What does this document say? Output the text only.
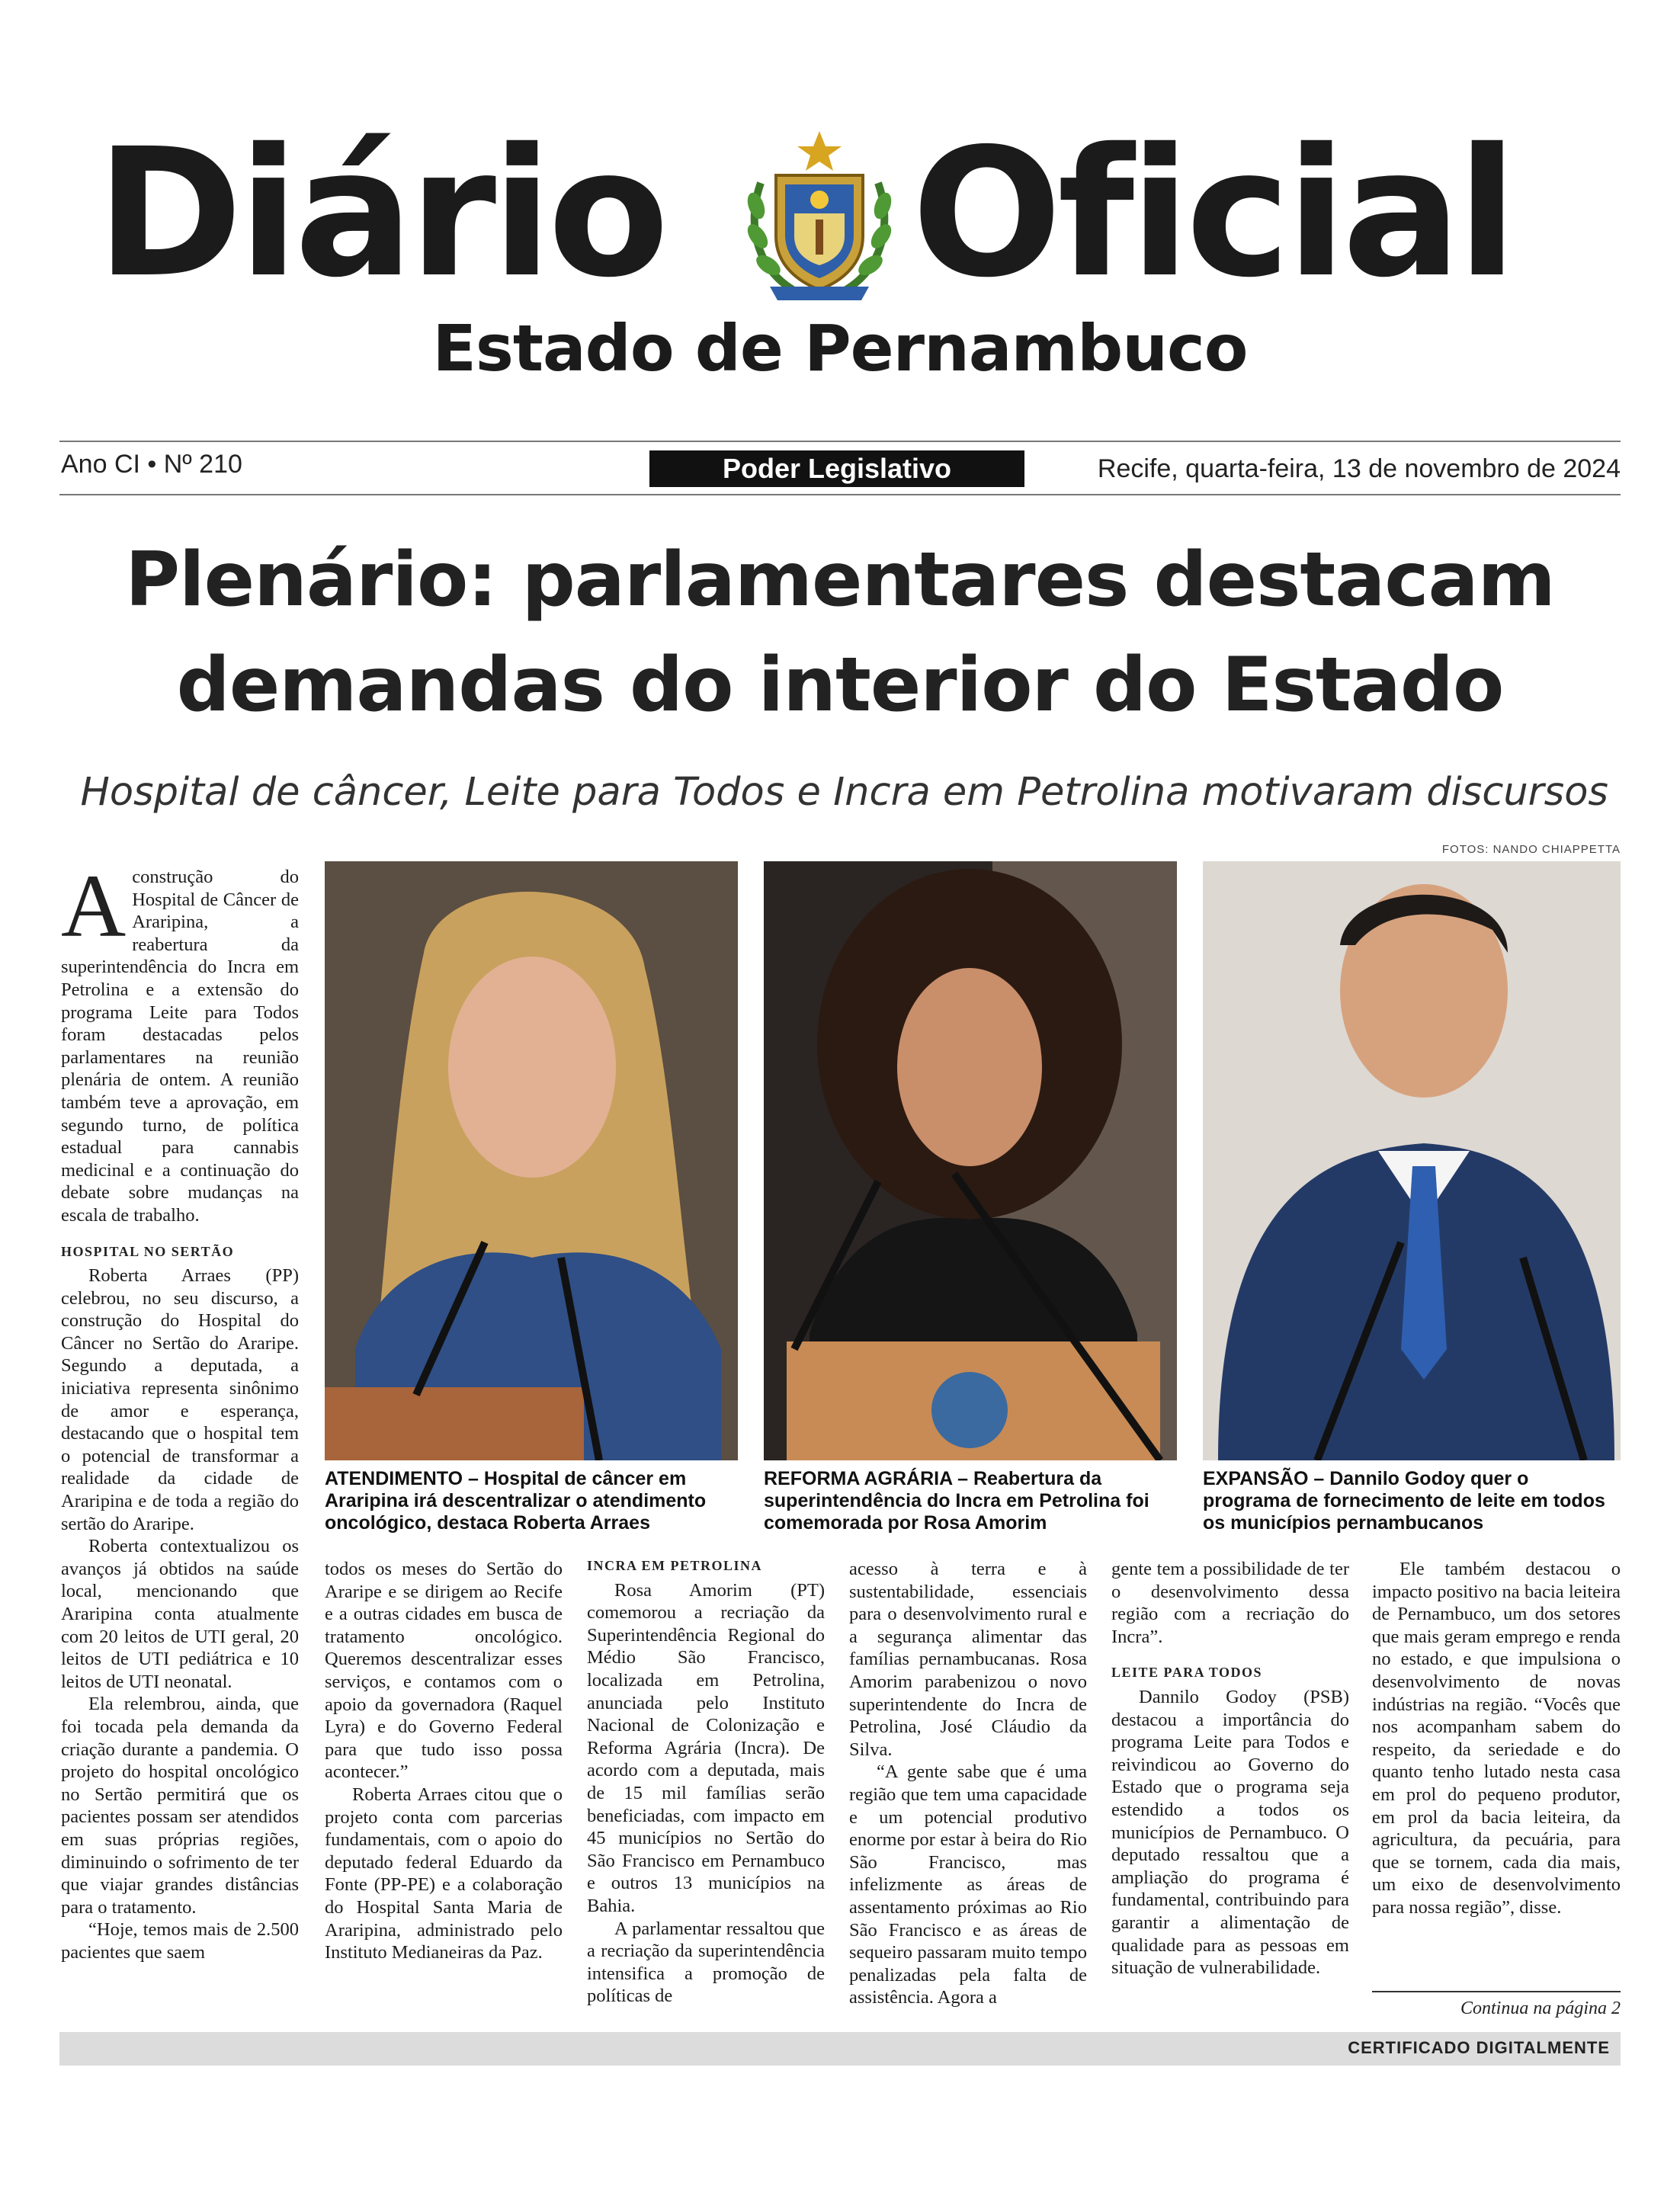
Diário Oficial
Estado de Pernambuco
Ano CI • Nº 210	Poder Legislativo	Recife, quarta-feira, 13 de novembro de 2024
Plenário: parlamentares destacam
demandas do interior do Estado
Hospital de câncer, Leite para Todos e Incra em Petrolina motivaram discursos
FOTOS: NANDO CHIAPPETTA

Aconstrução do Hospital de Câncer de Araripina, a reabertura da superintendência do Incra em Petrolina e a extensão do programa Leite para Todos foram destacadas pelos parlamentares na reunião plenária de ontem. A reunião também teve a aprovação, em segundo turno, de política estadual para cannabis medicinal e a continuação do debate sobre mudanças na escala de trabalho.

HOSPITAL NO SERTÃO

Roberta Arraes (PP) celebrou, no seu discurso, a construção do Hospital do Câncer no Sertão do Araripe. Segundo a deputada, a iniciativa representa sinônimo de amor e esperança, destacando que o hospital tem o potencial de transformar a realidade da cidade de Araripina e de toda a região do sertão do Araripe.

Roberta contextualizou os avanços já obtidos na saúde local, mencionando que Araripina conta atualmente com 20 leitos de UTI geral, 20 leitos de UTI pediátrica e 10 leitos de UTI neonatal.

Ela relembrou, ainda, que foi tocada pela demanda da criação durante a pandemia. O projeto do hospital oncológico no Sertão permitirá que os pacientes possam ser atendidos em suas próprias regiões, diminuindo o sofrimento de ter que viajar grandes distâncias para o tratamento.

“Hoje, temos mais de 2.500 pacientes que saem

ATENDIMENTO – Hospital de câncer em Araripina irá descentralizar o atendimento oncológico, destaca Roberta Arraes
REFORMA AGRÁRIA – Reabertura da superintendência do Incra em Petrolina foi comemorada por Rosa Amorim
EXPANSÃO – Dannilo Godoy quer o programa de fornecimento de leite em todos os municípios pernambucanos

todos os meses do Sertão do Araripe e se dirigem ao Recife e a outras cidades em busca de tratamento oncológico. Queremos descentralizar esses serviços, e contamos com o apoio da governadora (Raquel Lyra) e do Governo Federal para que tudo isso possa acontecer.”

Roberta Arraes citou que o projeto conta com parcerias fundamentais, com o apoio do deputado federal Eduardo da Fonte (PP-PE) e a colaboração do Hospital Santa Maria de Araripina, administrado pelo Instituto Medianeiras da Paz.

INCRA EM PETROLINA

Rosa Amorim (PT) comemorou a recriação da Superintendência Regional do Médio São Francisco, localizada em Petrolina, anunciada pelo Instituto Nacional de Colonização e Reforma Agrária (Incra). De acordo com a deputada, mais de 15 mil famílias serão beneficiadas, com impacto em 45 municípios no Sertão do São Francisco em Pernambuco e outros 13 municípios na Bahia.

A parlamentar ressaltou que a recriação da superintendência intensifica a promoção de políticas de

acesso à terra e à sustentabilidade, essenciais para o desenvolvimento rural e a segurança alimentar das famílias pernambucanas. Rosa Amorim parabenizou o novo superintendente do Incra de Petrolina, José Cláudio da Silva.

“A gente sabe que é uma região que tem uma capacidade e um potencial produtivo enorme por estar à beira do Rio São Francisco, mas infelizmente as áreas de assentamento próximas ao Rio São Francisco e as áreas de sequeiro passaram muito tempo penalizadas pela falta de assistência. Agora a

gente tem a possibilidade de ter o desenvolvimento dessa região com a recriação do Incra”.

LEITE PARA TODOS

Dannilo Godoy (PSB) destacou a importância do programa Leite para Todos e reivindicou ao Governo do Estado que o programa seja estendido a todos os municípios de Pernambuco. O deputado ressaltou que a ampliação do programa é fundamental, contribuindo para garantir a alimentação de qualidade para as pessoas em situação de vulnerabilidade.

Ele também destacou o impacto positivo na bacia leiteira de Pernambuco, um dos setores que mais geram emprego e renda no estado, e que impulsiona o desenvolvimento de novas indústrias na região. “Vocês que nos acompanham sabem do respeito, da seriedade e do quanto tenho lutado nesta casa em prol do pequeno produtor, em prol da bacia leiteira, da agricultura, da pecuária, para que se tornem, cada dia mais, um eixo de desenvolvimento para nossa região”, disse.

Continua na página 2
CERTIFICADO DIGITALMENTE
